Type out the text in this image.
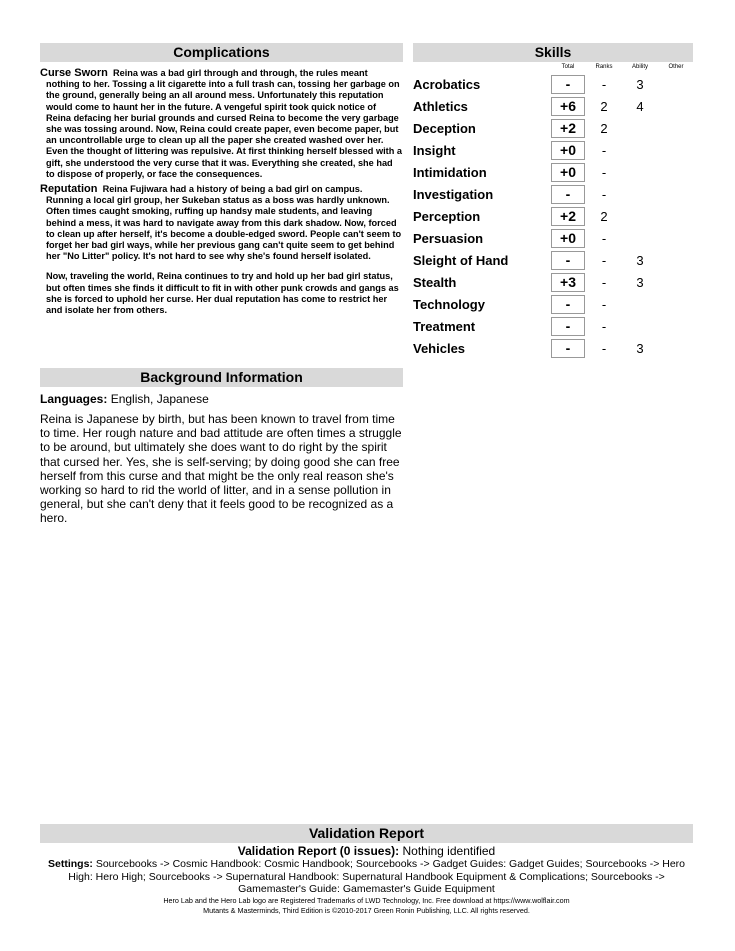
Complications
Curse Sworn Reina was a bad girl through and through, the rules meant nothing to her. Tossing a lit cigarette into a full trash can, tossing her garbage on the ground, generally being an all around mess. Unfortunately this reputation would come to haunt her in the future. A vengeful spirit took quick notice of Reina defacing her burial grounds and cursed Reina to become the very garbage she was tossing around. Now, Reina could create paper, even become paper, but an uncontrollable urge to clean up all the paper she created washed over her. Even the thought of littering was repulsive. At first thinking herself blessed with a gift, she understood the very curse that it was. Everything she created, she had to dispose of properly, or face the consequences.
Reputation Reina Fujiwara had a history of being a bad girl on campus. Running a local girl group, her Sukeban status as a boss was hardly unknown. Often times caught smoking, ruffing up handsy male students, and leaving behind a mess, it was hard to navigate away from this dark shadow. Now, forced to clean up after herself, it's become a double-edged sword. People can't seem to forget her bad girl ways, while her previous gang can't quite seem to get behind her "No Litter" policy. It's not hard to see why she's found herself isolated.
Now, traveling the world, Reina continues to try and hold up her bad girl status, but often times she finds it difficult to fit in with other punk crowds and gangs as she is forced to uphold her curse. Her dual reputation has come to restrict her and isolate her from others.
Background Information

Languages: English, Japanese

Reina is Japanese by birth, but has been known to travel from time to time. Her rough nature and bad attitude are often times a struggle to be around, but ultimately she does want to do right by the spirit that cursed her. Yes, she is self-serving; by doing good she can free herself from this curse and that might be the only real reason she's working so hard to rid the world of litter, and in a sense pollution in general, but she can't deny that it feels good to be recognized as a hero.

Skills
Total	Ranks	Ability	Other
Acrobatics	-	-	3
Athletics	+6	2	4
Deception	+2	2
Insight	+0	-
Intimidation	+0	-
Investigation	-	-
Perception	+2	2
Persuasion	+0	-
Sleight of Hand	-	-	3
Stealth	+3	-	3
Technology	-	-
Treatment	-	-
Vehicles	-	-	3
Validation Report
Validation Report (0 issues): Nothing identified
Settings: Sourcebooks -> Cosmic Handbook: Cosmic Handbook; Sourcebooks -> Gadget Guides: Gadget Guides; Sourcebooks -> Hero High: Hero High; Sourcebooks -> Supernatural Handbook: Supernatural Handbook Equipment & Complications; Sourcebooks -> Gamemaster's Guide: Gamemaster's Guide Equipment
Hero Lab and the Hero Lab logo are Registered Trademarks of LWD Technology, Inc. Free download at https://www.wolflair.com
Mutants & Masterminds, Third Edition is ©2010-2017 Green Ronin Publishing, LLC. All rights reserved.
